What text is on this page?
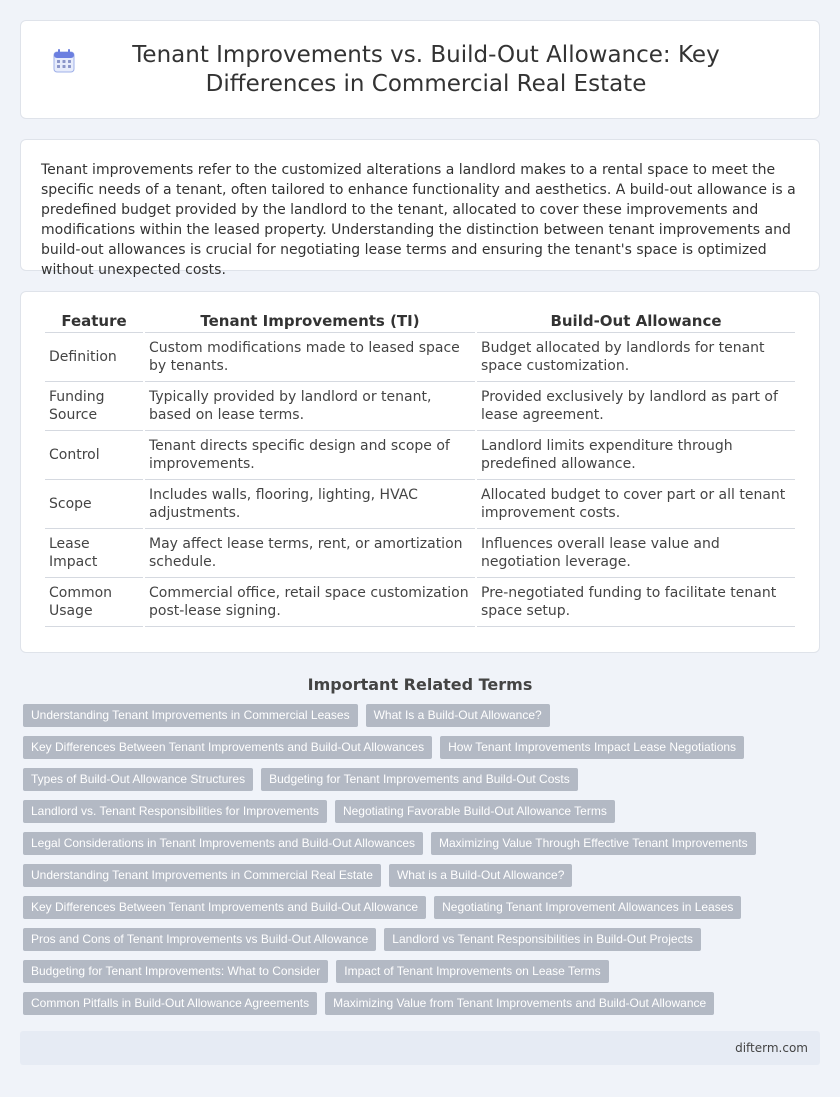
Tenant Improvements vs. Build-Out Allowance: Key Differences in Commercial Real Estate

Tenant improvements refer to the customized alterations a landlord makes to a rental space to meet the specific needs of a tenant, often tailored to enhance functionality and aesthetics. A build-out allowance is a predefined budget provided by the landlord to the tenant, allocated to cover these improvements and modifications within the leased property. Understanding the distinction between tenant improvements and build-out allowances is crucial for negotiating lease terms and ensuring the tenant's space is optimized without unexpected costs.

Feature	Tenant Improvements (TI)	Build-Out Allowance
Definition	Custom modifications made to leased space by tenants.	Budget allocated by landlords for tenant space customization.
Funding Source	Typically provided by landlord or tenant, based on lease terms.	Provided exclusively by landlord as part of lease agreement.
Control	Tenant directs specific design and scope of improvements.	Landlord limits expenditure through predefined allowance.
Scope	Includes walls, flooring, lighting, HVAC adjustments.	Allocated budget to cover part or all tenant improvement costs.
Lease Impact	May affect lease terms, rent, or amortization schedule.	Influences overall lease value and negotiation leverage.
Common Usage	Commercial office, retail space customization post-lease signing.	Pre-negotiated funding to facilitate tenant space setup.
Important Related Terms
Understanding Tenant Improvements in Commercial Leases	What Is a Build-Out Allowance?
Key Differences Between Tenant Improvements and Build-Out Allowances	How Tenant Improvements Impact Lease Negotiations
Types of Build-Out Allowance Structures	Budgeting for Tenant Improvements and Build-Out Costs
Landlord vs. Tenant Responsibilities for Improvements	Negotiating Favorable Build-Out Allowance Terms
Legal Considerations in Tenant Improvements and Build-Out Allowances	Maximizing Value Through Effective Tenant Improvements
Understanding Tenant Improvements in Commercial Real Estate	What is a Build-Out Allowance?
Key Differences Between Tenant Improvements and Build-Out Allowance	Negotiating Tenant Improvement Allowances in Leases
Pros and Cons of Tenant Improvements vs Build-Out Allowance	Landlord vs Tenant Responsibilities in Build-Out Projects
Budgeting for Tenant Improvements: What to Consider	Impact of Tenant Improvements on Lease Terms
Common Pitfalls in Build-Out Allowance Agreements	Maximizing Value from Tenant Improvements and Build-Out Allowance
difterm.com
